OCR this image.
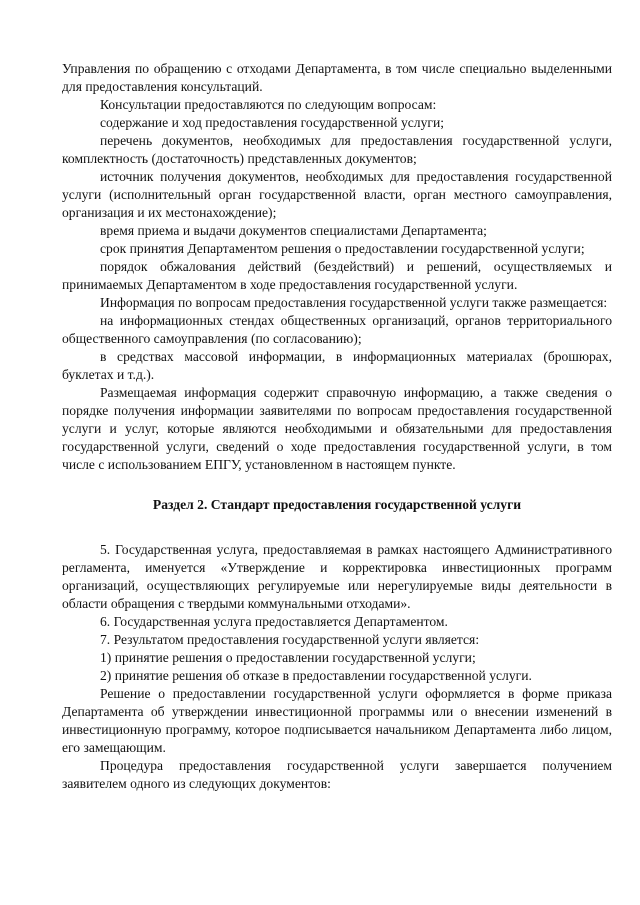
Управления по обращению с отходами Департамента, в том числе специально выделенными для предоставления консультаций.

Консультации предоставляются по следующим вопросам:

содержание и ход предоставления государственной услуги;

перечень документов, необходимых для предоставления государственной услуги, комплектность (достаточность) представленных документов;

источник получения документов, необходимых для предоставления государственной услуги (исполнительный орган государственной власти, орган местного самоуправления, организация и их местонахождение);

время приема и выдачи документов специалистами Департамента;

срок принятия Департаментом решения о предоставлении государственной услуги;

порядок обжалования действий (бездействий) и решений, осуществляемых и принимаемых Департаментом в ходе предоставления государственной услуги.

Информация по вопросам предоставления государственной услуги также размещается:

на информационных стендах общественных организаций, органов территориального общественного самоуправления (по согласованию);

в средствах массовой информации, в информационных материалах (брошюрах, буклетах и т.д.).

Размещаемая информация содержит справочную информацию, а также сведения о порядке получения информации заявителями по вопросам предоставления государственной услуги и услуг, которые являются необходимыми и обязательными для предоставления государственной услуги, сведений о ходе предоставления государственной услуги, в том числе с использованием ЕПГУ, установленном в настоящем пункте.

Раздел 2. Стандарт предоставления государственной услуги

5. Государственная услуга, предоставляемая в рамках настоящего Административного регламента, именуется «Утверждение и корректировка инвестиционных программ организаций, осуществляющих регулируемые или нерегулируемые виды деятельности в области обращения с твердыми коммунальными отходами».

6. Государственная услуга предоставляется Департаментом.

7. Результатом предоставления государственной услуги является:

1) принятие решения о предоставлении государственной услуги;

2) принятие решения об отказе в предоставлении государственной услуги.

Решение о предоставлении государственной услуги оформляется в форме приказа Департамента об утверждении инвестиционной программы или о внесении изменений в инвестиционную программу, которое подписывается начальником Департамента либо лицом, его замещающим.

Процедура предоставления государственной услуги завершается получением заявителем одного из следующих документов:
